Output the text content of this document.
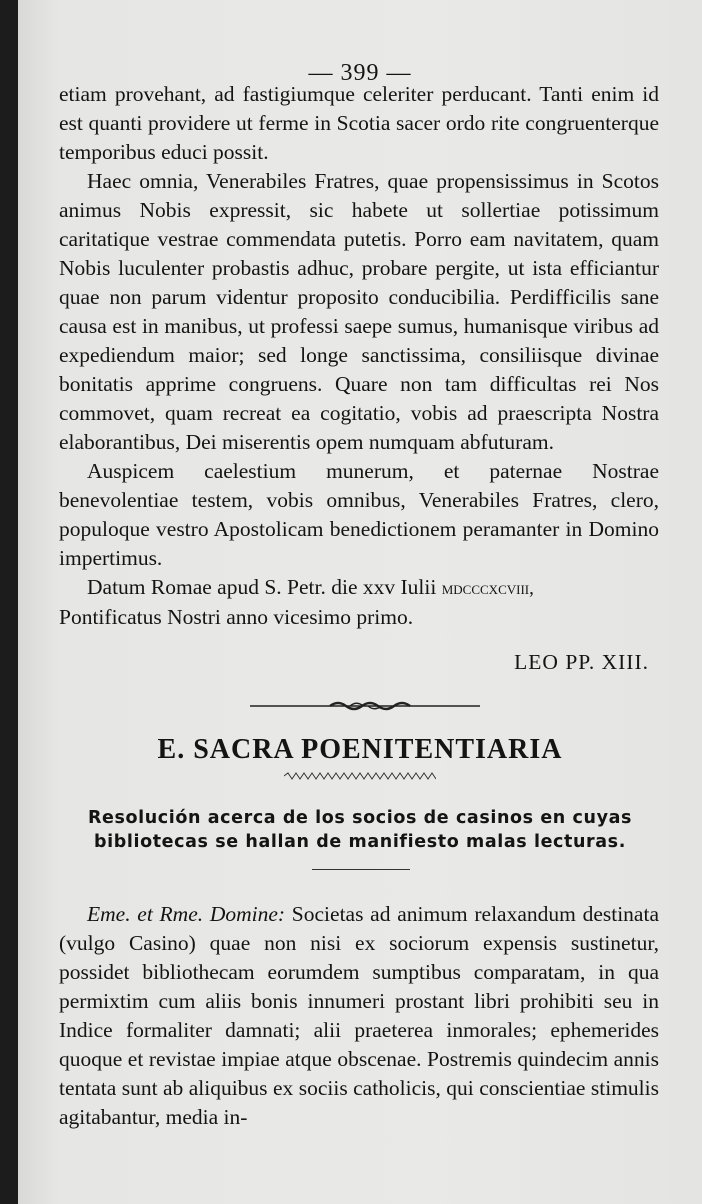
— 399 —

etiam provehant, ad fastigiumque celeriter perducant. Tanti enim id est quanti providere ut ferme in Scotia sacer ordo rite congruenterque temporibus educi possit.

Haec omnia, Venerabiles Fratres, quae propensissimus in Scotos animus Nobis expressit, sic habete ut sollertiae potissimum caritatique vestrae commendata putetis. Porro eam navitatem, quam Nobis luculenter probastis adhuc, probare pergite, ut ista efficiantur quae non parum videntur proposito conducibilia. Perdifficilis sane causa est in manibus, ut professi saepe sumus, humanisque viribus ad expediendum maior; sed longe sanctissima, consiliisque divinae bonitatis apprime congruens. Quare non tam difficultas rei Nos commovet, quam recreat ea cogitatio, vobis ad praescripta Nostra elaborantibus, Dei miserentis opem numquam abfuturam.

Auspicem caelestium munerum, et paternae Nostrae benevolentiae testem, vobis omnibus, Venerabiles Fratres, clero, populoque vestro Apostolicam benedictionem peramanter in Domino impertimus.

Datum Romae apud S. Petr. die xxv Iulii mdcccxcviii,

Pontificatus Nostri anno vicesimo primo.

LEO PP. XIII.
E. SACRA POENITENTIARIA
Resolución acerca de los socios de casinos en cuyas bibliotecas se hallan de manifiesto malas lecturas.

Eme. et Rme. Domine: Societas ad animum relaxandum destinata (vulgo Casino) quae non nisi ex sociorum expensis sustinetur, possidet bibliothecam eorumdem sumptibus comparatam, in qua permixtim cum aliis bonis innumeri prostant libri prohibiti seu in Indice formaliter damnati; alii praeterea inmorales; ephemerides quoque et revistae impiae atque obscenae. Postremis quindecim annis tentata sunt ab aliquibus ex sociis catholicis, qui conscientiae stimulis agitabantur, media in-
